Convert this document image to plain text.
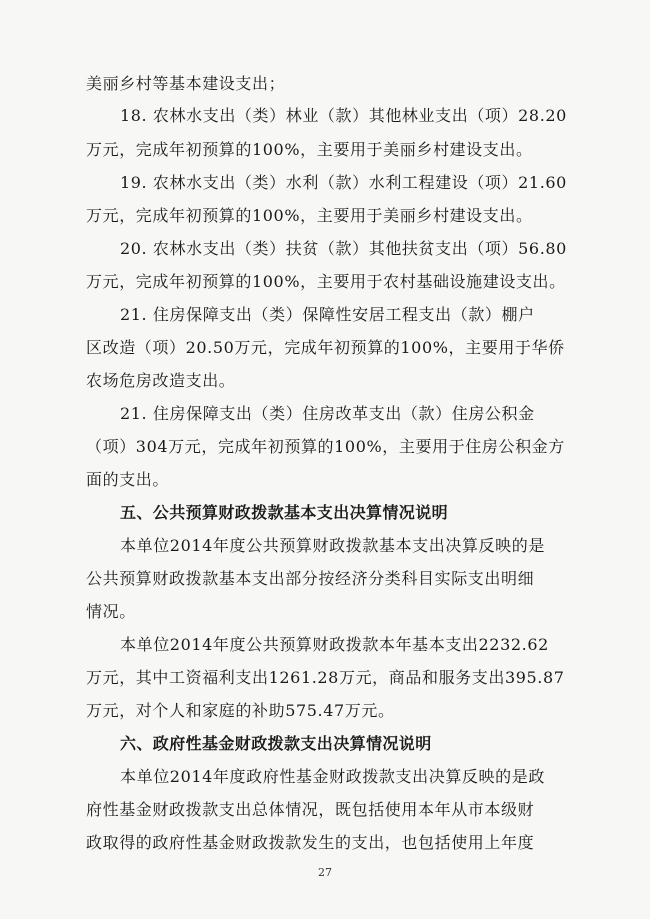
美丽乡村等基本建设支出；
18. 农林水支出（类）林业（款）其他林业支出（项）28.20
万元，完成年初预算的100%，主要用于美丽乡村建设支出。
19. 农林水支出（类）水利（款）水利工程建设（项）21.60
万元，完成年初预算的100%，主要用于美丽乡村建设支出。
20. 农林水支出（类）扶贫（款）其他扶贫支出（项）56.80
万元，完成年初预算的100%，主要用于农村基础设施建设支出。
21. 住房保障支出（类）保障性安居工程支出（款）棚户
区改造（项）20.50万元，完成年初预算的100%，主要用于华侨
农场危房改造支出。
21. 住房保障支出（类）住房改革支出（款）住房公积金
（项）304万元，完成年初预算的100%，主要用于住房公积金方
面的支出。
五、公共预算财政拨款基本支出决算情况说明
本单位2014年度公共预算财政拨款基本支出决算反映的是
公共预算财政拨款基本支出部分按经济分类科目实际支出明细
情况。
本单位2014年度公共预算财政拨款本年基本支出2232.62
万元，其中工资福利支出1261.28万元，商品和服务支出395.87
万元，对个人和家庭的补助575.47万元。
六、政府性基金财政拨款支出决算情况说明
本单位2014年度政府性基金财政拨款支出决算反映的是政
府性基金财政拨款支出总体情况，既包括使用本年从市本级财
政取得的政府性基金财政拨款发生的支出，也包括使用上年度
27
